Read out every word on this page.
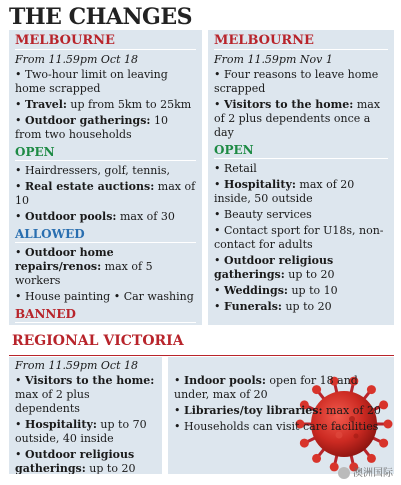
THE CHANGES
MELBOURNE
From 11.59pm Oct 18
• Two-hour limit on leaving home scrapped
• Travel: up from 5km to 25km
• Outdoor gatherings: 10 from two households
OPEN
• Hairdressers, golf, tennis,
• Real estate auctions: max of 10
• Outdoor pools: max of 30
ALLOWED
• Outdoor home repairs/renos: max of 5 workers
• House painting • Car washing
BANNED
MELBOURNE
From 11.59pm Nov 1
• Four reasons to leave home scrapped
• Visitors to the home: max of 2 plus dependents once a day
OPEN
• Retail
• Hospitality: max of 20 inside, 50 outside
• Beauty services
• Contact sport for U18s, non-contact for adults
• Outdoor religious gatherings: up to 20
• Weddings: up to 10
• Funerals: up to 20
REGIONAL VICTORIA
From 11.59pm Oct 18
• Visitors to the home: max of 2 plus dependents
• Hospitality: up to 70 outside, 40 inside
• Outdoor religious gatherings: up to 20
• Indoor pools: open for 18 and under, max of 20
• Libraries/toy libraries: max of 20
• Households can visit care facilities
澳洲国际
